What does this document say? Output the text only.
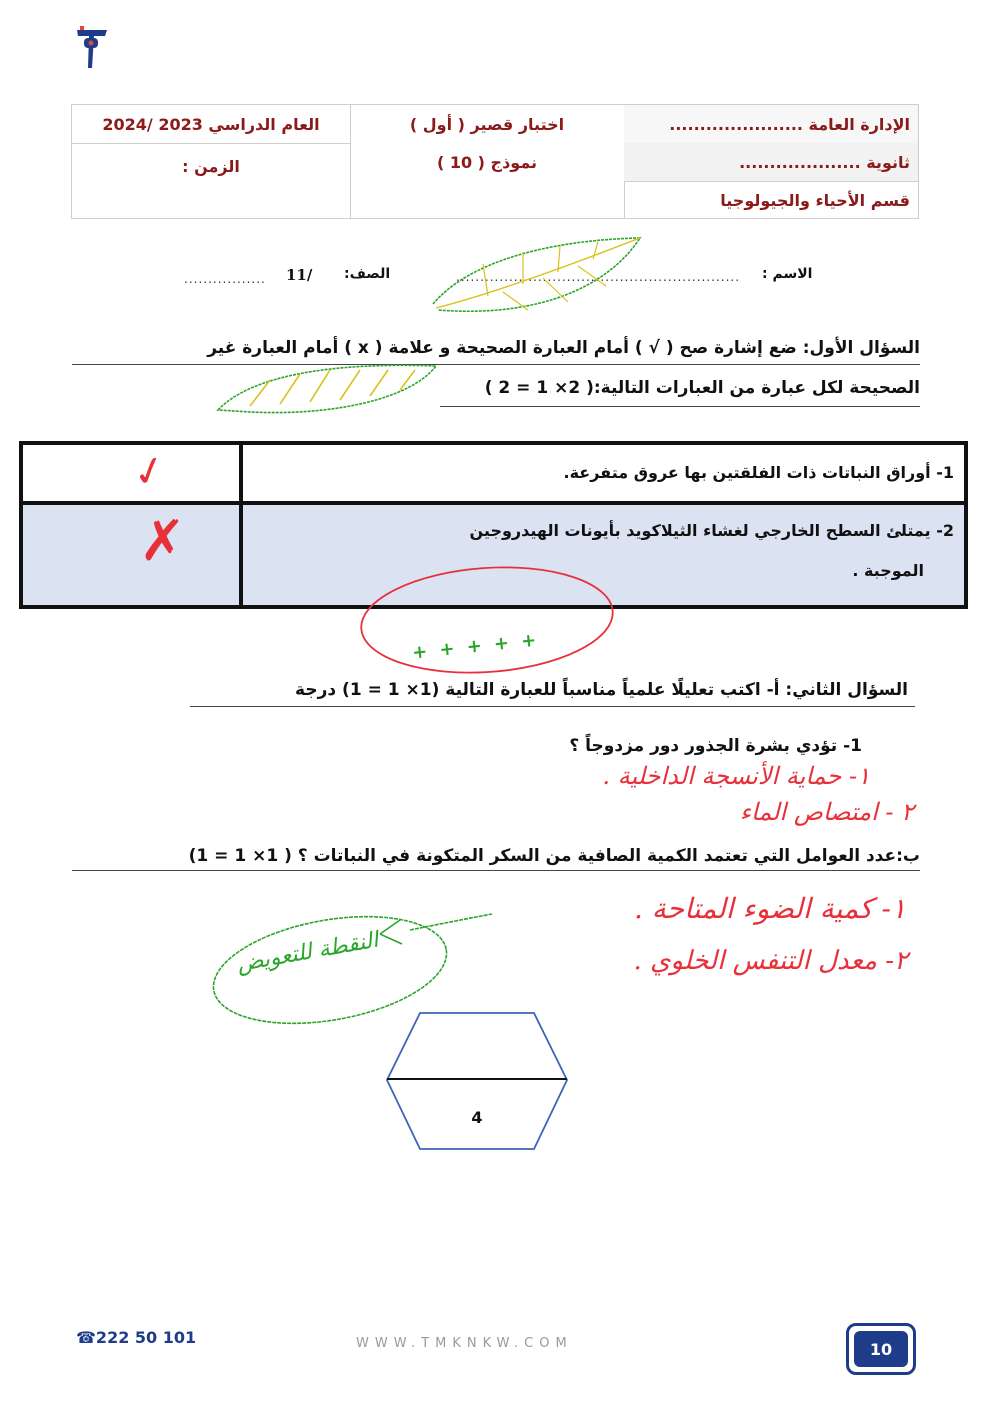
الإدارة العامة ......................
ثانوية ....................
قسم الأحياء والجيولوجيا
اختبار قصير ( أول )
نموذج ( 10 )
العام الدراسي 2023 /2024
الزمن :
الاسم :
...........................................................
الصف:
11/
.................
السؤال الأول: ضع إشارة صح ( √ ) أمام العبارة الصحيحة و علامة ( x ) أمام العبارة غير
الصحيحة لكل عبارة من العبارات التالية:( 2× 1 = 2 )
1- أوراق النباتات ذات الفلقتين بها عروق متفرعة.
✓
2- يمتلئ السطح الخارجي لغشاء الثيلاكويد بأيونات الهيدروجين
الموجبة .
✗
+ + + + +
السؤال الثاني: أ- اكتب تعليلًا علمياً مناسباً للعبارة التالية (1× 1 = 1) درجة
1- تؤدي بشرة الجذور دور مزدوجاً ؟
١- حماية الأنسجة الداخلية .
٢ - امتصاص الماء
ب:عدد العوامل التي تعتمد الكمية الصافية من السكر المتكونة في النباتات ؟ ( 1× 1 = 1)
١- كمية الضوء المتاحة .
٢- معدل التنفس الخلوي .
النقطة للتعويض
4
☎222 50 101	WWW.TMKNKW.COM	10
